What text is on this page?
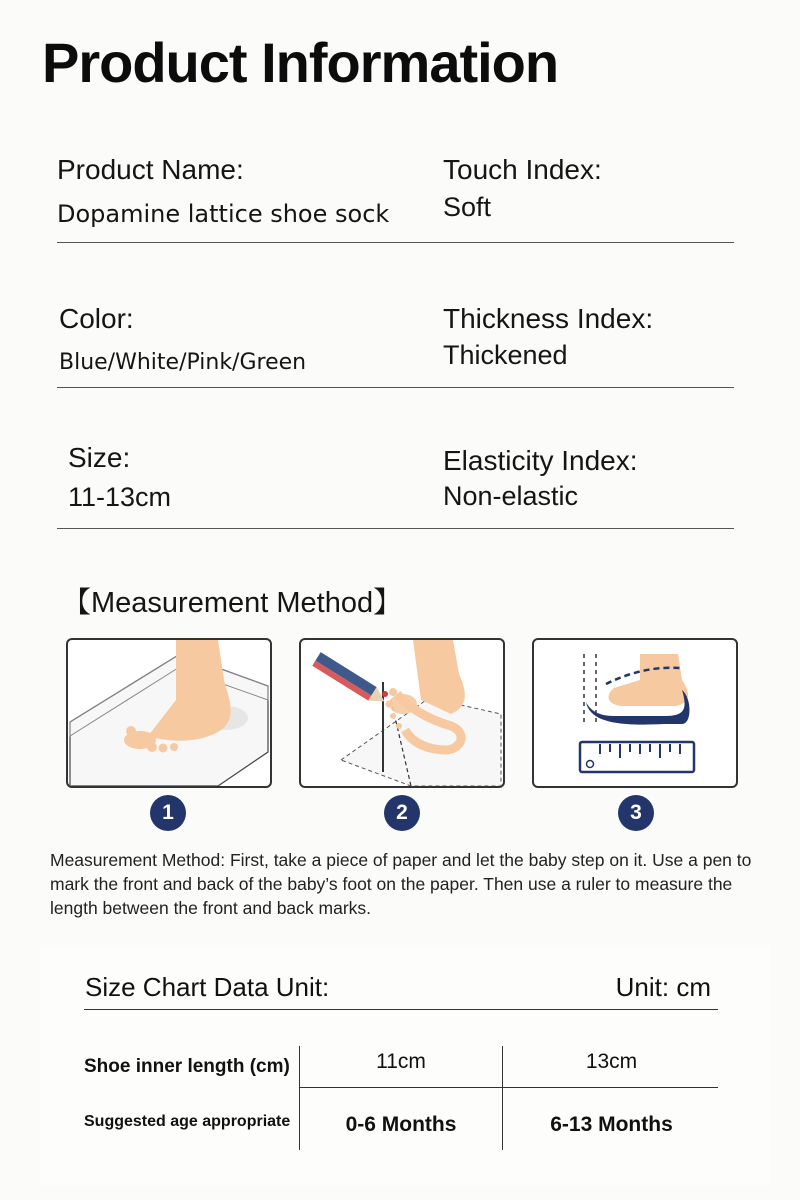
Product Information
Product Name:
Dopamine lattice shoe sock
Touch Index:
Soft
Color:
Blue/White/Pink/Green
Thickness Index:
Thickened
Size:
11-13cm
Elasticity Index:
Non-elastic
【Measurement Method】
1	2	3
Measurement Method: First, take a piece of paper and let the baby step on it. Use a pen to mark the front and back of the baby’s foot on the paper. Then use a ruler to measure the length between the front and back marks.
Size Chart Data Unit:	Unit: cm
Shoe inner length (cm)	11cm	13cm
Suggested age appropriate	0-6 Months	6-13 Months
